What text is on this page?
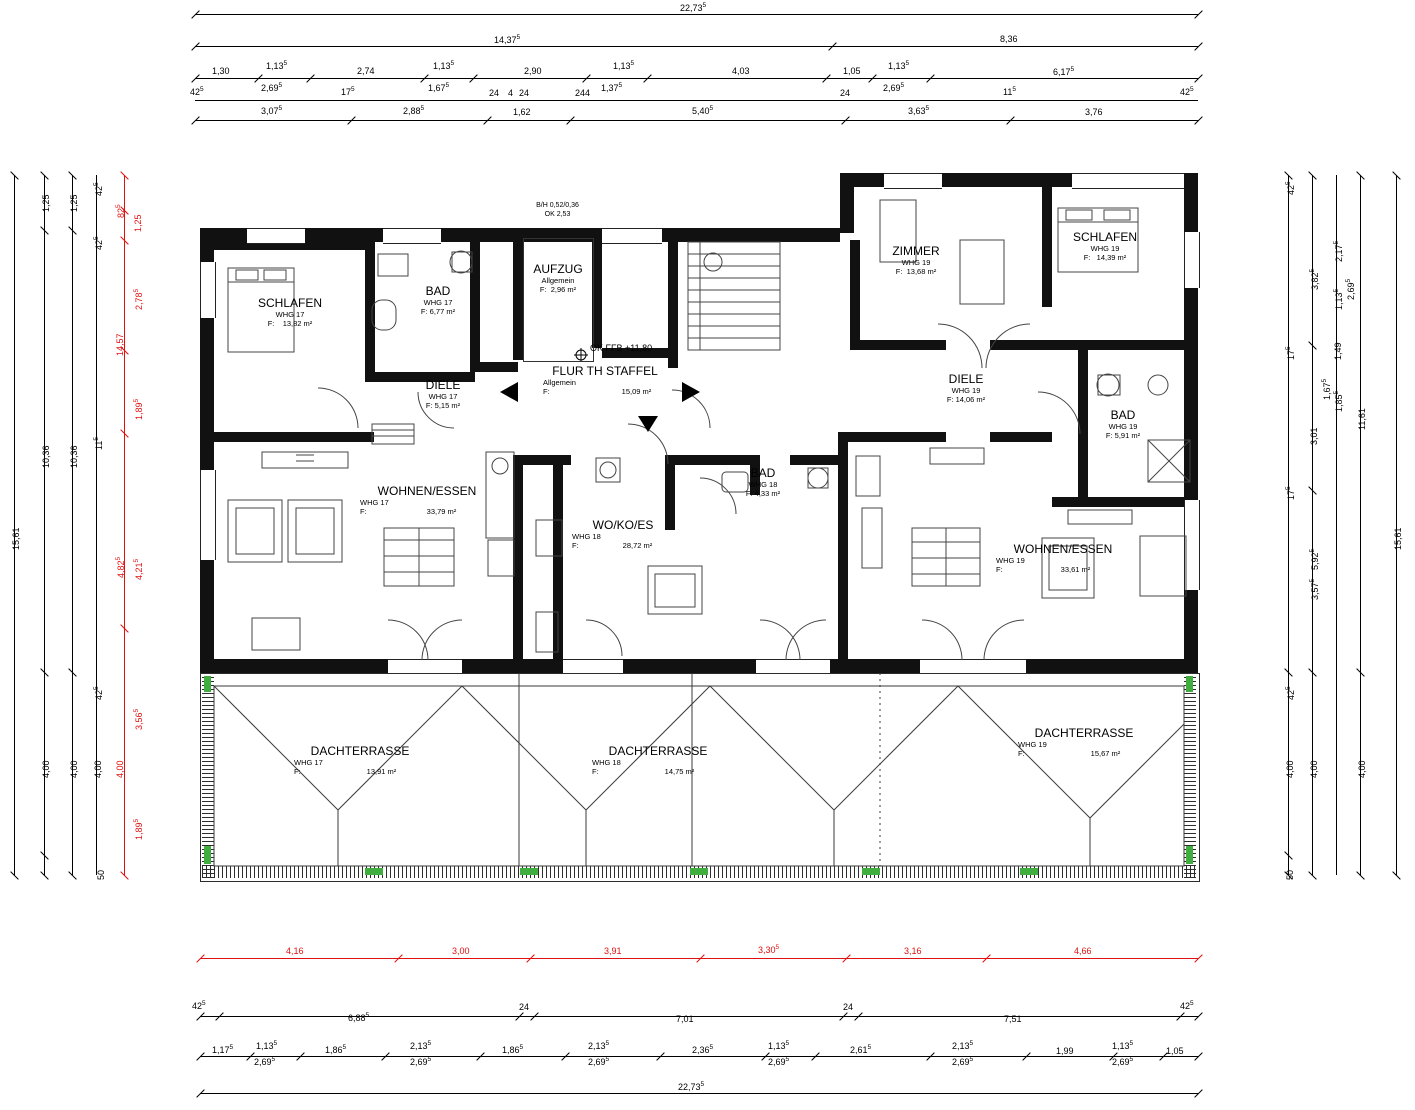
22,73$^5$
14,37$^5$	8,36
1,30	1,13$^5$
2,74	1,13$^5$
2,90	1,13$^5$
4,03	1,05	1,13$^5$
6,17$^5$
$42^5$	2,69$^5$
$17^5$	1,67$^5$
24 4 24	244 1,37$^5$
24	2,69$^5$
$11^5$	$42^5$
3,07$^5$	2,88$^5$	1,62	5,40$^5$	3,63$^5$	3,76
15,61
1,25
10,36
4,00
50
1,25
10,36
4,00
$42^5$
$42^5$
$11^5$
$42^5$
4,00
$82^5$
14,57
4,82$^5$
4,00
1,25
2,78$^5$
1,89$^5$
4,21$^5$
3,56$^5$
1,89$^5$
$42^5$
$17^5$
$17^5$
$42^5$
4,00
50
3,82$^5$
3,01
5,92$^5$
4,00
3,57$^5$
2,17$^5$
1,13$^5$
1,49
1,85$^5$
11,61
4,00
15,61
2,69$^5$
1,67$^5$
SCHLAFEN
WHG 17
F: 13,82 m²
BAD
WHG 17
F: 6,77 m²
B/H 0,52/0,36
OK 2,53
AUFZUG
Allgemein
F: 2,96 m²
DIELE
WHG 17
F: 5,15 m²
FLUR TH STAFFEL
Allgemein
F:	15,09 m²
OK FFB +11,80
WOHNEN/ESSEN
WHG 17
F:	33,79 m²
WO/KO/ES
WHG 18
F:	28,72 m²
BAD
WHG 18
F: 4,33 m²
ZIMMER
WHG 19
F: 13,68 m²
SCHLAFEN
WHG 19
F: 14,39 m²
DIELE
WHG 19
F: 14,06 m²
BAD
WHG 19
F: 5,91 m²
WOHNEN/ESSEN
WHG 19
F:	33,61 m²
DACHTERRASSE
WHG 17
F:	13,91 m²
DACHTERRASSE
WHG 18
F:	14,75 m²
DACHTERRASSE
WHG 19
F:	15,67 m²
4,16	3,00	3,91	3,30$^5$	3,16	4,66
$42^5$	24	24	$42^5$
6,88$^5$	7,01	7,51
1,17$^5$	1,13$^5$
1,86$^5$	2,13$^5$
1,86$^5$	2,13$^5$
2,36$^5$	1,13$^5$
2,61$^5$	2,13$^5$
1,99	1,13$^5$
1,05
2,69$^5$	2,69$^5$	2,69$^5$	2,69$^5$	2,69$^5$	2,69$^5$
22,73$^5$
